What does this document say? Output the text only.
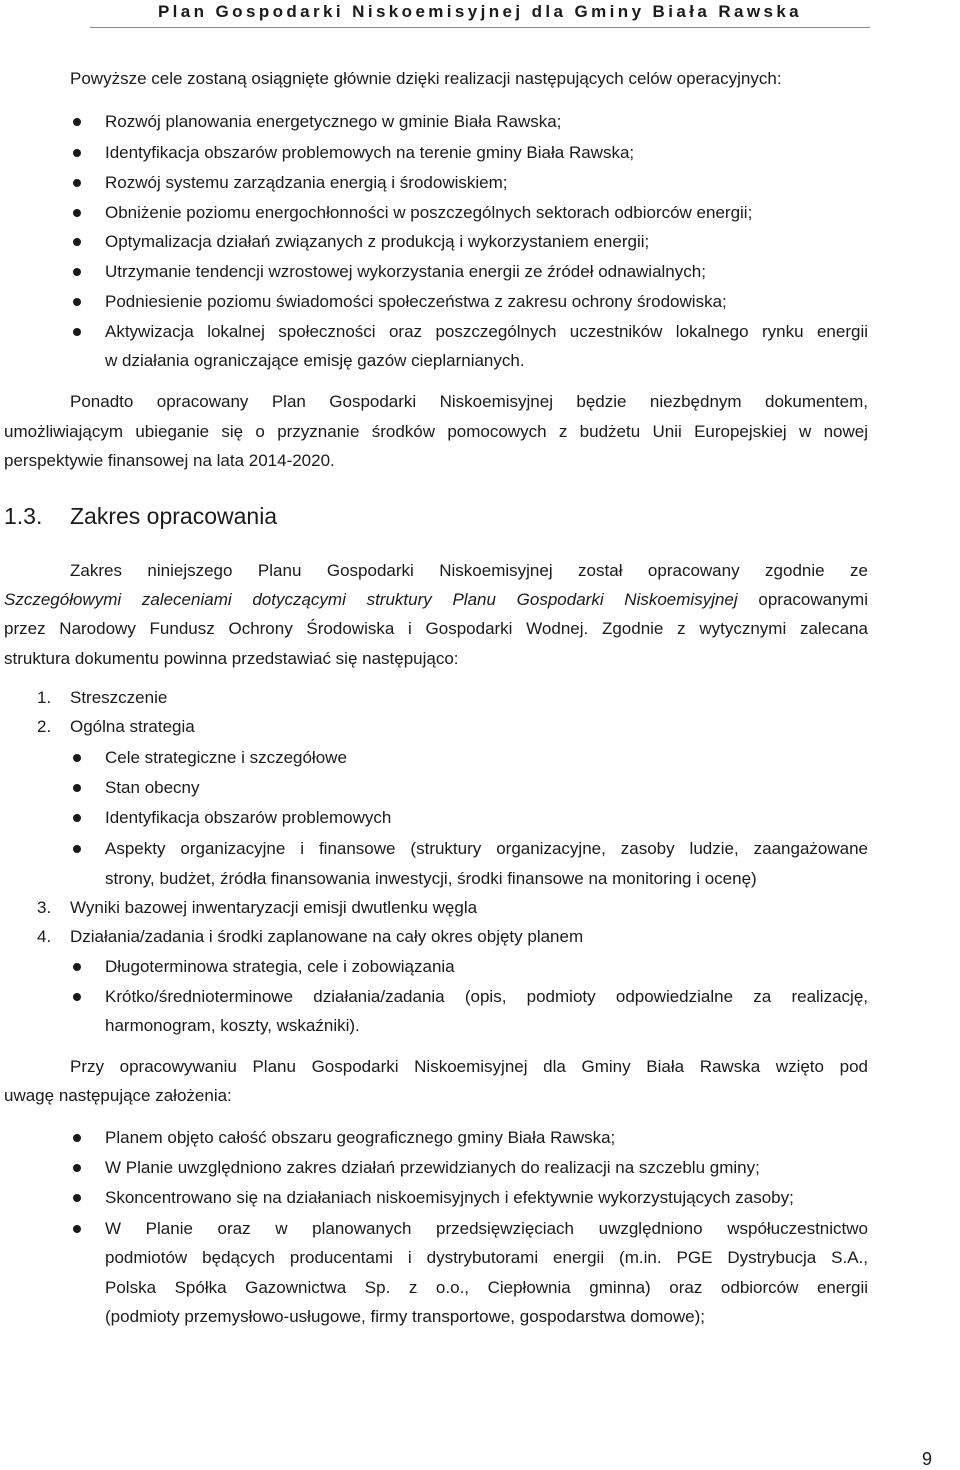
Plan Gospodarki Niskoemisyjnej dla Gminy Biała Rawska
Powyższe cele zostaną osiągnięte głównie dzięki realizacji następujących celów operacyjnych:
Rozwój planowania energetycznego w gminie Biała Rawska;
Identyfikacja obszarów problemowych na terenie gminy Biała Rawska;
Rozwój systemu zarządzania energią i środowiskiem;
Obniżenie poziomu energochłonności w poszczególnych sektorach odbiorców energii;
Optymalizacja działań związanych z produkcją i wykorzystaniem energii;
Utrzymanie tendencji wzrostowej wykorzystania energii ze źródeł odnawialnych;
Podniesienie poziomu świadomości społeczeństwa z zakresu ochrony środowiska;
Aktywizacja lokalnej społeczności oraz poszczególnych uczestników lokalnego rynku energii
w działania ograniczające emisję gazów cieplarnianych.
Ponadto opracowany Plan Gospodarki Niskoemisyjnej będzie niezbędnym dokumentem,
umożliwiającym ubieganie się o przyznanie środków pomocowych z budżetu Unii Europejskiej w nowej
perspektywie finansowej na lata 2014-2020.
1.3. Zakres opracowania
Zakres niniejszego Planu Gospodarki Niskoemisyjnej został opracowany zgodnie ze
Szczegółowymi zaleceniami dotyczącymi struktury Planu Gospodarki Niskoemisyjnej opracowanymi
przez Narodowy Fundusz Ochrony Środowiska i Gospodarki Wodnej. Zgodnie z wytycznymi zalecana
struktura dokumentu powinna przedstawiać się następująco:
1. Streszczenie
2. Ogólna strategia
Cele strategiczne i szczegółowe
Stan obecny
Identyfikacja obszarów problemowych
Aspekty organizacyjne i finansowe (struktury organizacyjne, zasoby ludzie, zaangażowane
strony, budżet, źródła finansowania inwestycji, środki finansowe na monitoring i ocenę)
3. Wyniki bazowej inwentaryzacji emisji dwutlenku węgla
4. Działania/zadania i środki zaplanowane na cały okres objęty planem
Długoterminowa strategia, cele i zobowiązania
Krótko/średnioterminowe działania/zadania (opis, podmioty odpowiedzialne za realizację,
harmonogram, koszty, wskaźniki).
Przy opracowywaniu Planu Gospodarki Niskoemisyjnej dla Gminy Biała Rawska wzięto pod
uwagę następujące założenia:
Planem objęto całość obszaru geograficznego gminy Biała Rawska;
W Planie uwzględniono zakres działań przewidzianych do realizacji na szczeblu gminy;
Skoncentrowano się na działaniach niskoemisyjnych i efektywnie wykorzystujących zasoby;
W Planie oraz w planowanych przedsięwzięciach uwzględniono współuczestnictwo
podmiotów będących producentami i dystrybutorami energii (m.in. PGE Dystrybucja S.A.,
Polska Spółka Gazownictwa Sp. z o.o., Ciepłownia gminna) oraz odbiorców energii
(podmioty przemysłowo-usługowe, firmy transportowe, gospodarstwa domowe);
9
